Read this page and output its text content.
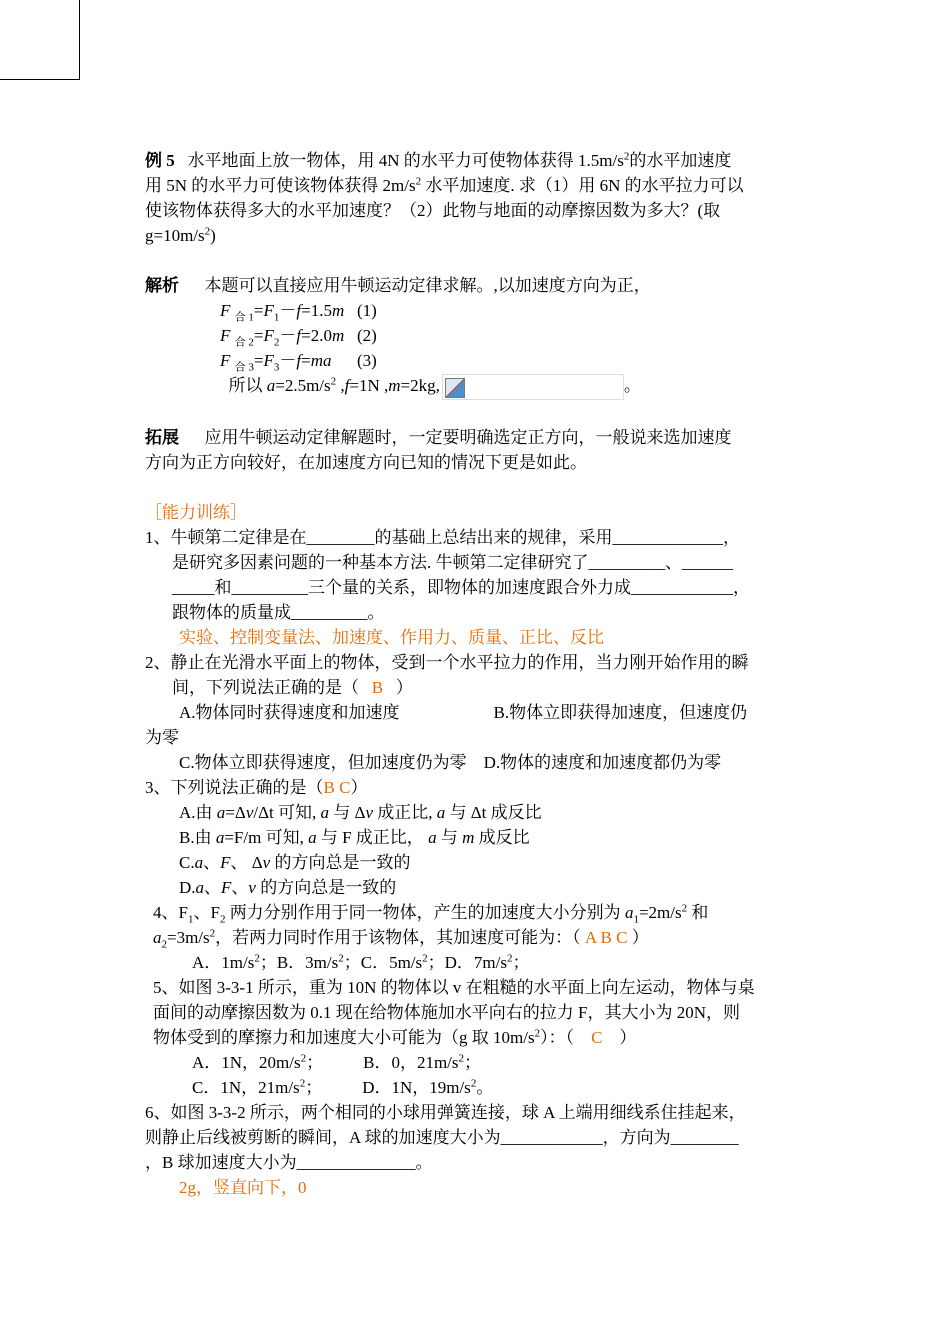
例 5 水平地面上放一物体，用 4N 的水平力可使物体获得 $1.5m/s^2$的水平加速度
用 5N 的水平力可使该物体获得 $2m/s^2$ 水平加速度. 求（1）用 6N 的水平拉力可以
使该物体获得多大的水平加速度？（2）此物与地面的动摩擦因数为多大？(取
$g=10m/s^2$)
解析 本题可以直接应用牛顿运动定律求解。,以加速度方向为正，
F $_{合 1}=F_1-f=1.5m$   (1)
F $_{合 2}=F_2-f=2.0m$   (2)
F $_{合 3}=F_3-f=ma$      (3)
所以 $a=2.5m/s^2$ ,f=1N ,m=2kg,	。
拓展 应用牛顿运动定律解题时，一定要明确选定正方向，一般说来选加速度
方向为正方向较好，在加速度方向已知的情况下更是如此。
［能力训练］
1、牛顿第二定律是在________的基础上总结出来的规律，采用_____________，
是研究多因素问题的一种基本方法. 牛顿第二定律研究了_________、______
_____和_________三个量的关系，即物体的加速度跟合外力成____________，
跟物体的质量成_________。
实验、控制变量法、加速度、作用力、质量、正比、反比
2、静止在光滑水平面上的物体，受到一个水平拉力的作用，当力刚开始作用的瞬
间，下列说法正确的是（ B ）
A.物体同时获得速度和加速度	B.物体立即获得加速度，但速度仍
为零
C.物体立即获得速度，但加速度仍为零 D.物体的速度和加速度都仍为零
3、下列说法正确的是（B C）
A.由 a=Δv/Δt 可知, a 与 Δv 成正比, a 与 Δt 成反比
B.由 a=F/m 可知, a 与 F 成正比， a 与 m 成反比
C.a、F、 Δv 的方向总是一致的
D.a、F、v 的方向总是一致的
4、$F_1$、$F_2$ 两力分别作用于同一物体，产生的加速度大小分别为 $a_1=2m/s^2$ 和
$a_2=3m/s^2$，若两力同时作用于该物体，其加速度可能为：（ A B C ）
A．$1m/s^2$；B．$3m/s^2$；C．$5m/s^2$；D．$7m/s^2$；
5、如图 3-3-1 所示，重为 10N 的物体以 v 在粗糙的水平面上向左运动，物体与桌
面间的动摩擦因数为 0.1 现在给物体施加水平向右的拉力 F，其大小为 20N，则
物体受到的摩擦力和加速度大小可能为（g 取 $10m/s^2$）：（ C ）
A．1N，$20m/s^2$； B．0，$21m/s^2$；
C．1N，$21m/s^2$； D．1N，$19m/s^2$。
6、如图 3-3-2 所示，两个相同的小球用弹簧连接，球 A 上端用细线系住挂起来，
则静止后线被剪断的瞬间，A 球的加速度大小为____________，方向为________
，B 球加速度大小为______________。
2g，竖直向下，0
